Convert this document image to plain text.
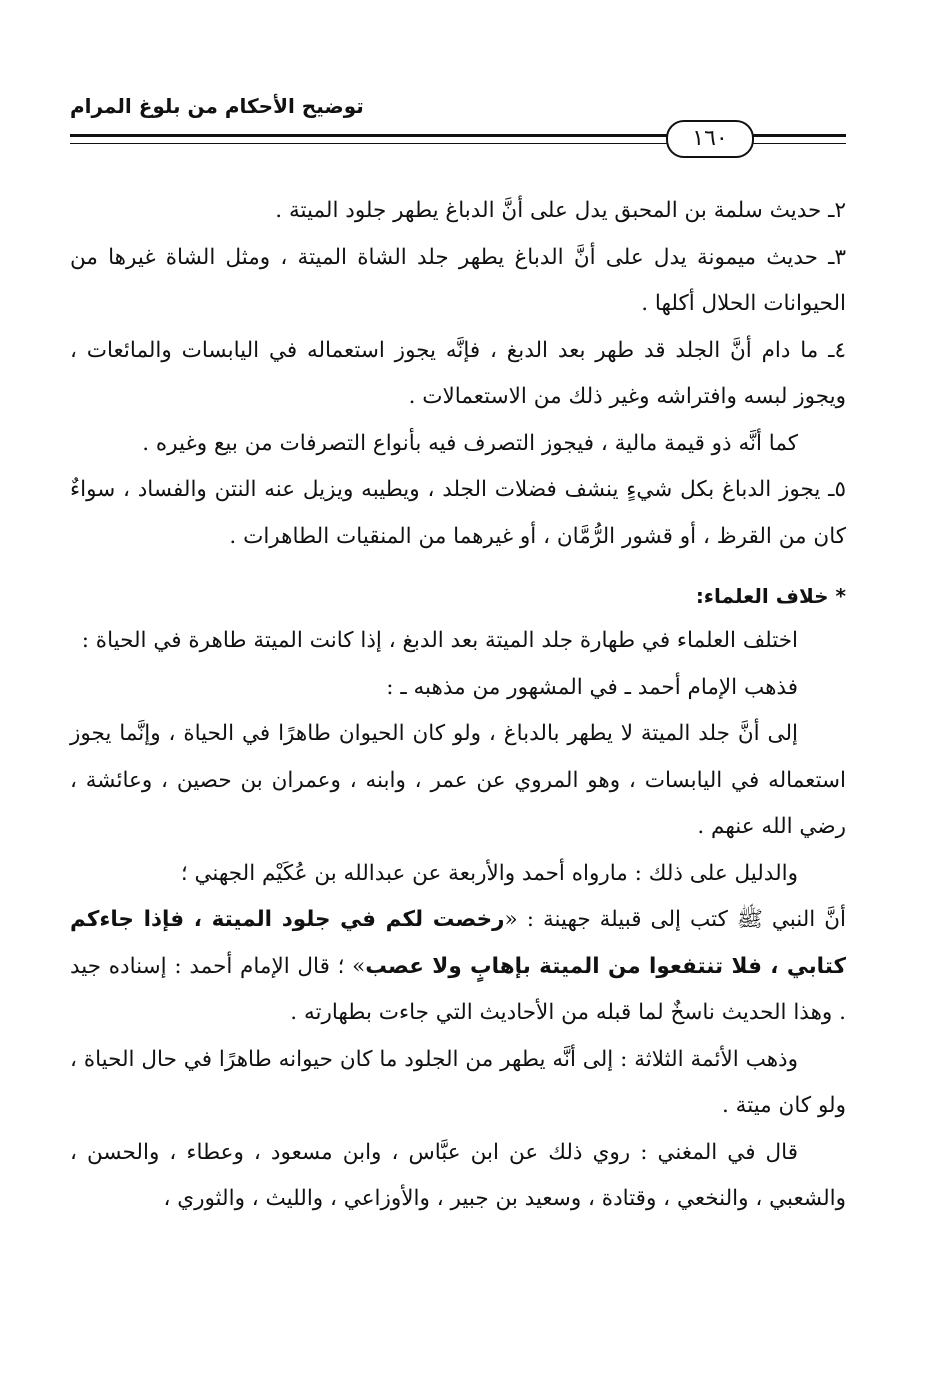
توضيح الأحكام من بلوغ المرام
١٦٠

٢ـ حديث سلمة بن المحبق يدل على أنَّ الدباغ يطهر جلود الميتة .

٣ـ حديث ميمونة يدل على أنَّ الدباغ يطهر جلد الشاة الميتة ، ومثل الشاة غيرها من الحيوانات الحلال أكلها .

٤ـ ما دام أنَّ الجلد قد طهر بعد الدبغ ، فإنَّه يجوز استعماله في اليابسات والمائعات ، ويجوز لبسه وافتراشه وغير ذلك من الاستعمالات .

كما أنَّه ذو قيمة مالية ، فيجوز التصرف فيه بأنواع التصرفات من بيع وغيره .

٥ـ يجوز الدباغ بكل شيءٍ ينشف فضلات الجلد ، ويطيبه ويزيل عنه النتن والفساد ، سواءٌ كان من القرظ ، أو قشور الرُّمَّان ، أو غيرهما من المنقيات الطاهرات .

* خلاف العلماء:

اختلف العلماء في طهارة جلد الميتة بعد الدبغ ، إذا كانت الميتة طاهرة في الحياة :

فذهب الإمام أحمد ـ في المشهور من مذهبه ـ :

إلى أنَّ جلد الميتة لا يطهر بالدباغ ، ولو كان الحيوان طاهرًا في الحياة ، وإنَّما يجوز استعماله في اليابسات ، وهو المروي عن عمر ، وابنه ، وعمران بن حصين ، وعائشة ، رضي الله عنهم .

والدليل على ذلك : مارواه أحمد والأربعة عن عبدالله بن عُكَيْم الجهني ؛

أنَّ النبي ﷺ كتب إلى قبيلة جهينة : «رخصت لكم في جلود الميتة ، فإذا جاءكم كتابي ، فلا تنتفعوا من الميتة بإهابٍ ولا عصب» ؛ قال الإمام أحمد : إسناده جيد . وهذا الحديث ناسخٌ لما قبله من الأحاديث التي جاءت بطهارته .

وذهب الأئمة الثلاثة : إلى أنَّه يطهر من الجلود ما كان حيوانه طاهرًا في حال الحياة ، ولو كان ميتة .

قال في المغني : روي ذلك عن ابن عبَّاس ، وابن مسعود ، وعطاء ، والحسن ، والشعبي ، والنخعي ، وقتادة ، وسعيد بن جبير ، والأوزاعي ، والليث ، والثوري ،
